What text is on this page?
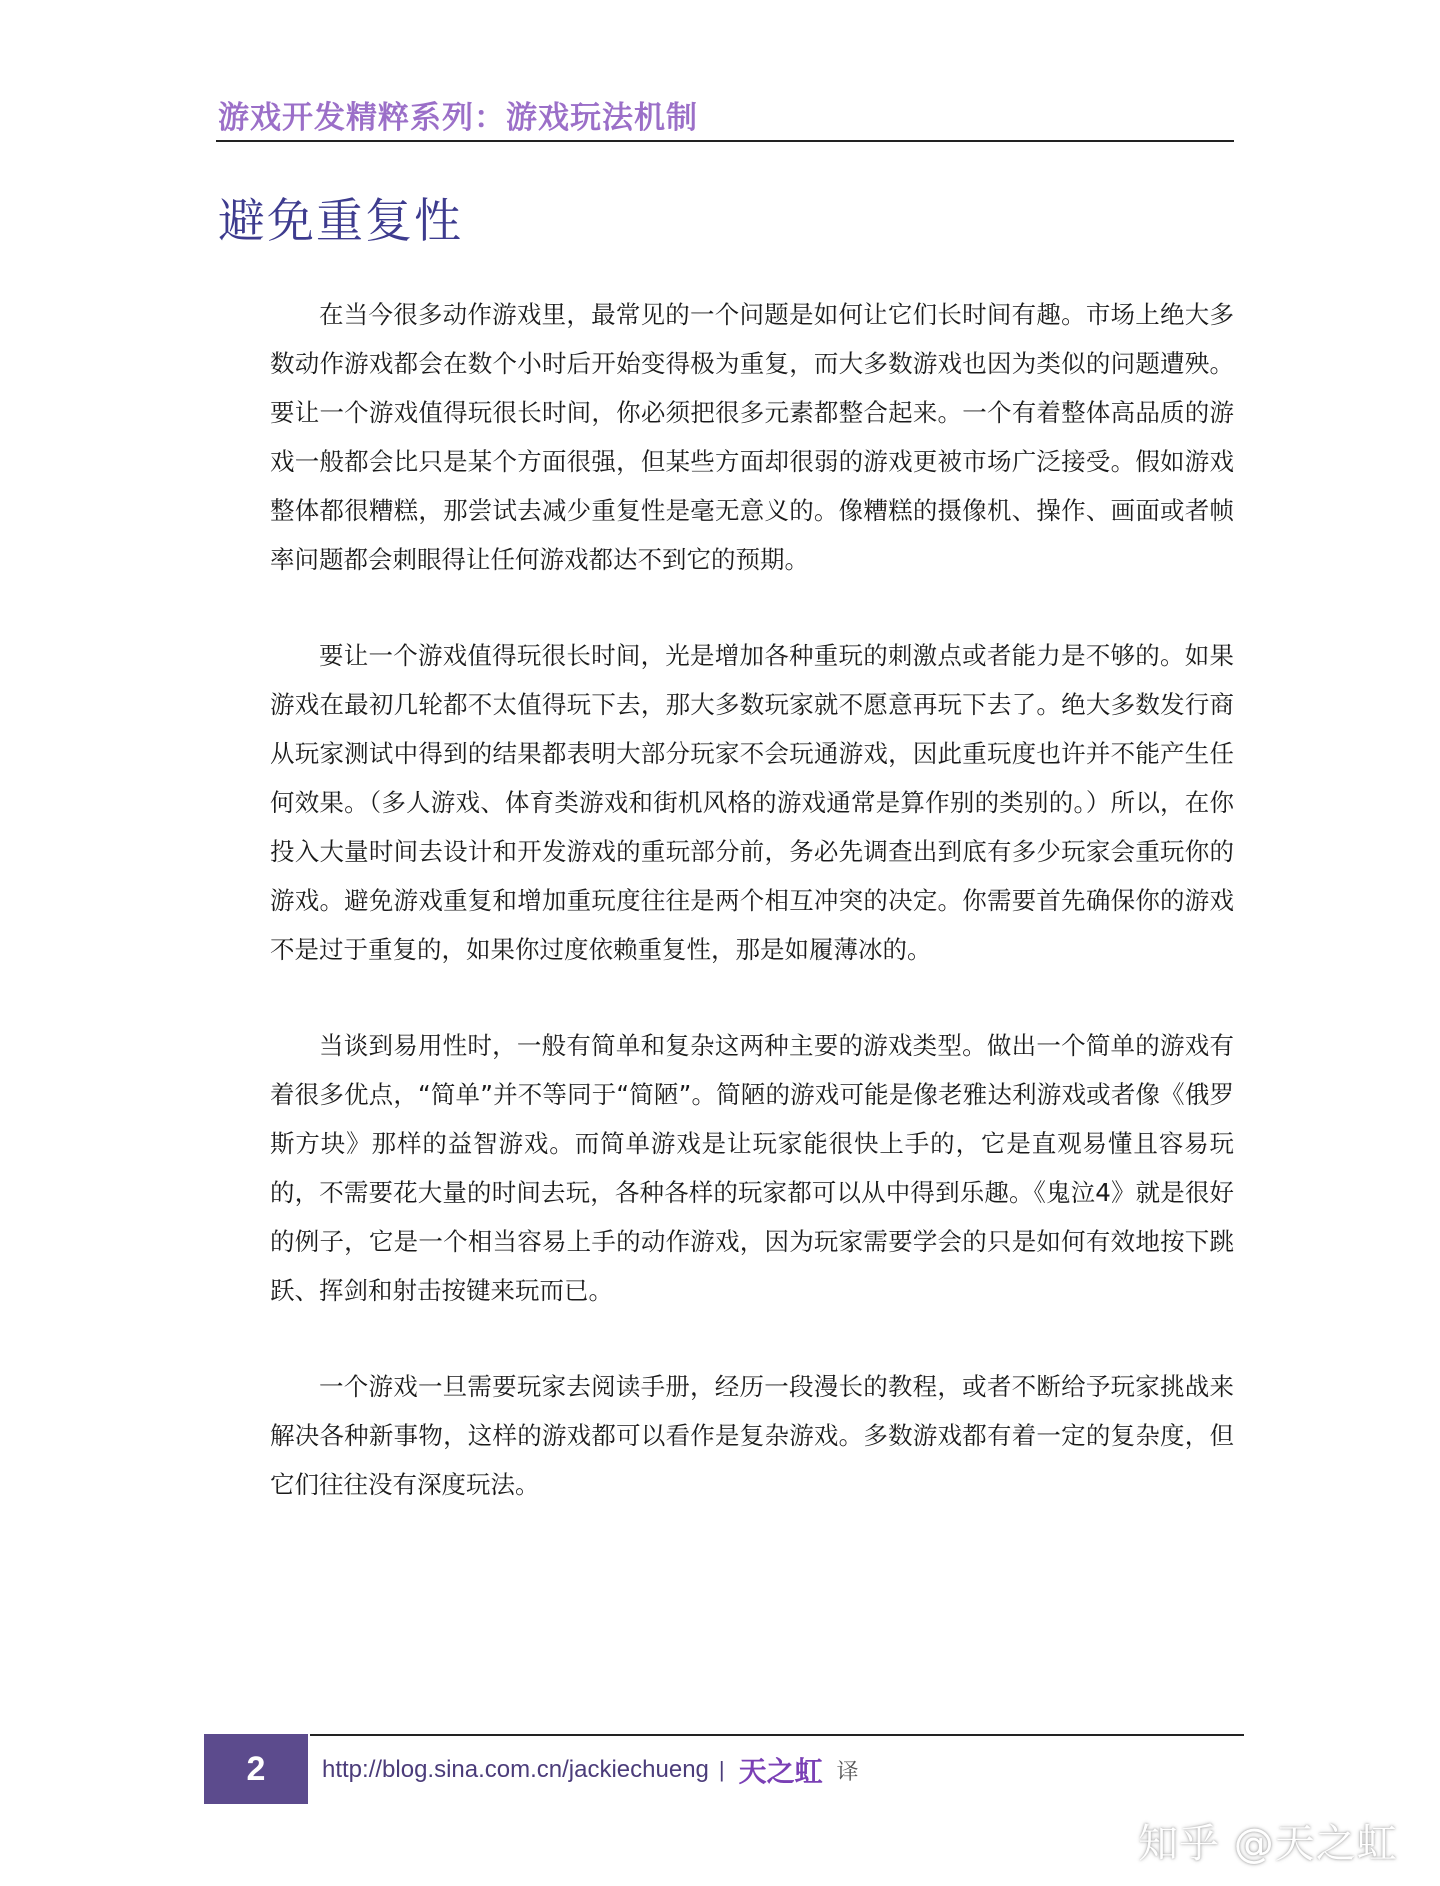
游戏开发精粹系列：游戏玩法机制
避免重复性

在当今很多动作游戏里，最常见的一个问题是如何让它们长时间有趣。市场上绝大多数动作游戏都会在数个小时后开始变得极为重复，而大多数游戏也因为类似的问题遭殃。要让一个游戏值得玩很长时间，你必须把很多元素都整合起来。一个有着整体高品质的游戏一般都会比只是某个方面很强，但某些方面却很弱的游戏更被市场广泛接受。假如游戏整体都很糟糕，那尝试去减少重复性是毫无意义的。像糟糕的摄像机、操作、画面或者帧率问题都会刺眼得让任何游戏都达不到它的预期。

要让一个游戏值得玩很长时间，光是增加各种重玩的刺激点或者能力是不够的。如果游戏在最初几轮都不太值得玩下去，那大多数玩家就不愿意再玩下去了。绝大多数发行商从玩家测试中得到的结果都表明大部分玩家不会玩通游戏，因此重玩度也许并不能产生任何效果。（多人游戏、体育类游戏和街机风格的游戏通常是算作别的类别的。）所以，在你投入大量时间去设计和开发游戏的重玩部分前，务必先调查出到底有多少玩家会重玩你的游戏。避免游戏重复和增加重玩度往往是两个相互冲突的决定。你需要首先确保你的游戏不是过于重复的，如果你过度依赖重复性，那是如履薄冰的。

当谈到易用性时，一般有简单和复杂这两种主要的游戏类型。做出一个简单的游戏有着很多优点，“简单”并不等同于“简陋”。简陋的游戏可能是像老雅达利游戏或者像《俄罗斯方块》那样的益智游戏。而简单游戏是让玩家能很快上手的，它是直观易懂且容易玩的，不需要花大量的时间去玩，各种各样的玩家都可以从中得到乐趣。《鬼泣4》就是很好的例子，它是一个相当容易上手的动作游戏，因为玩家需要学会的只是如何有效地按下跳跃、挥剑和射击按键来玩而已。

一个游戏一旦需要玩家去阅读手册，经历一段漫长的教程，或者不断给予玩家挑战来解决各种新事物，这样的游戏都可以看作是复杂游戏。多数游戏都有着一定的复杂度，但它们往往没有深度玩法。

2	http://blog.sina.com.cn/jackiechueng | 天之虹 译
知乎 @天之虹
